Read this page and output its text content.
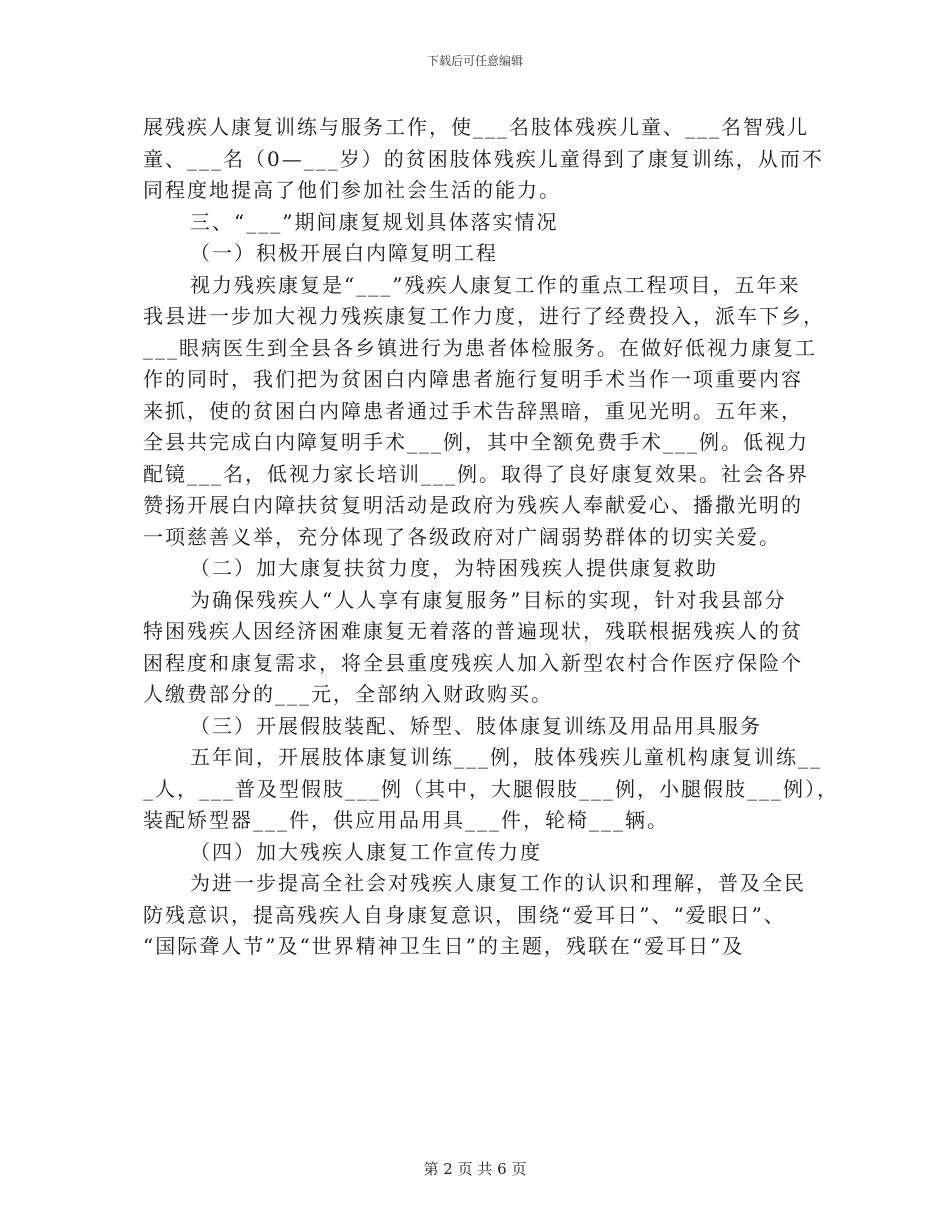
下载后可任意编辑
展残疾人康复训练与服务工作，使___名肢体残疾儿童、___名智残儿
童、___名（0—___岁）的贫困肢体残疾儿童得到了康复训练，从而不
同程度地提高了他们参加社会生活的能力。
三、“___”期间康复规划具体落实情况
（一）积极开展白内障复明工程
视力残疾康复是“___”残疾人康复工作的重点工程项目，五年来
我县进一步加大视力残疾康复工作力度，进行了经费投入，派车下乡，
___眼病医生到全县各乡镇进行为患者体检服务。在做好低视力康复工
作的同时，我们把为贫困白内障患者施行复明手术当作一项重要内容
来抓，使的贫困白内障患者通过手术告辞黑暗，重见光明。五年来，
全县共完成白内障复明手术___例，其中全额免费手术___例。低视力
配镜___名，低视力家长培训___例。取得了良好康复效果。社会各界
赞扬开展白内障扶贫复明活动是政府为残疾人奉献爱心、播撒光明的
一项慈善义举，充分体现了各级政府对广阔弱势群体的切实关爱。
（二）加大康复扶贫力度，为特困残疾人提供康复救助
为确保残疾人“人人享有康复服务”目标的实现，针对我县部分
特困残疾人因经济困难康复无着落的普遍现状，残联根据残疾人的贫
困程度和康复需求，将全县重度残疾人加入新型农村合作医疗保险个
人缴费部分的___元，全部纳入财政购买。
（三）开展假肢装配、矫型、肢体康复训练及用品用具服务
五年间，开展肢体康复训练___例，肢体残疾儿童机构康复训练__
_人，___普及型假肢___例（其中，大腿假肢___例，小腿假肢___例），
装配矫型器___件，供应用品用具___件，轮椅___辆。
（四）加大残疾人康复工作宣传力度
为进一步提高全社会对残疾人康复工作的认识和理解，普及全民
防残意识，提高残疾人自身康复意识，围绕“爱耳日”、“爱眼日”、
“国际聋人节”及“世界精神卫生日”的主题，残联在“爱耳日”及
第 2 页 共 6 页
